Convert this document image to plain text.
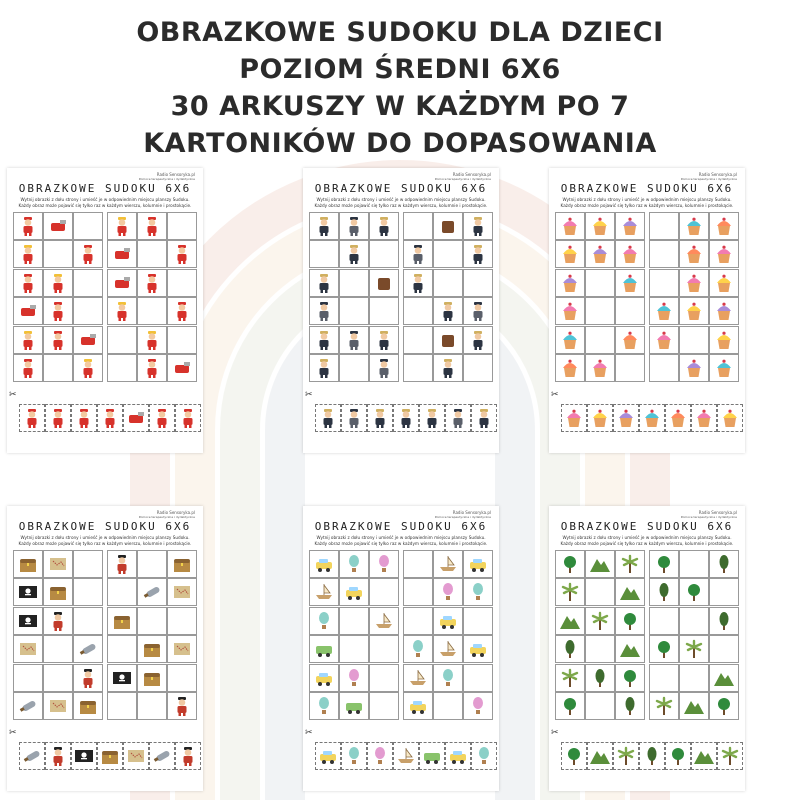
OBRAZKOWE SUDOKU DLA DZIECI
POZIOM ŚREDNI 6X6
30 ARKUSZY W KAŻDYM PO 7
KARTONIKÓW DO DOPASOWANIA
Radio Sensoryka.pl
Pomoce terapeutyczne i dydaktyczne
OBRAZKOWE SUDOKU 6X6
Wytnij obrazki z dołu strony i umieść je w odpowiednim miejscu planszy Sudoku.
Każdy obraz może pojawić się tylko raz w każdym wierszu, kolumnie i prostokącie.
✂
Radio Sensoryka.pl
Pomoce terapeutyczne i dydaktyczne
OBRAZKOWE SUDOKU 6X6
Wytnij obrazki z dołu strony i umieść je w odpowiednim miejscu planszy Sudoku.
Każdy obraz może pojawić się tylko raz w każdym wierszu, kolumnie i prostokącie.
✂
Radio Sensoryka.pl
Pomoce terapeutyczne i dydaktyczne
OBRAZKOWE SUDOKU 6X6
Wytnij obrazki z dołu strony i umieść je w odpowiednim miejscu planszy Sudoku.
Każdy obraz może pojawić się tylko raz w każdym wierszu, kolumnie i prostokącie.
✂
Radio Sensoryka.pl
Pomoce terapeutyczne i dydaktyczne
OBRAZKOWE SUDOKU 6X6
Wytnij obrazki z dołu strony i umieść je w odpowiednim miejscu planszy Sudoku.
Każdy obraz może pojawić się tylko raz w każdym wierszu, kolumnie i prostokącie.
✂
Radio Sensoryka.pl
Pomoce terapeutyczne i dydaktyczne
OBRAZKOWE SUDOKU 6X6
Wytnij obrazki z dołu strony i umieść je w odpowiednim miejscu planszy Sudoku.
Każdy obraz może pojawić się tylko raz w każdym wierszu, kolumnie i prostokącie.
✂
Radio Sensoryka.pl
Pomoce terapeutyczne i dydaktyczne
OBRAZKOWE SUDOKU 6X6
Wytnij obrazki z dołu strony i umieść je w odpowiednim miejscu planszy Sudoku.
Każdy obraz może pojawić się tylko raz w każdym wierszu, kolumnie i prostokącie.
✂
